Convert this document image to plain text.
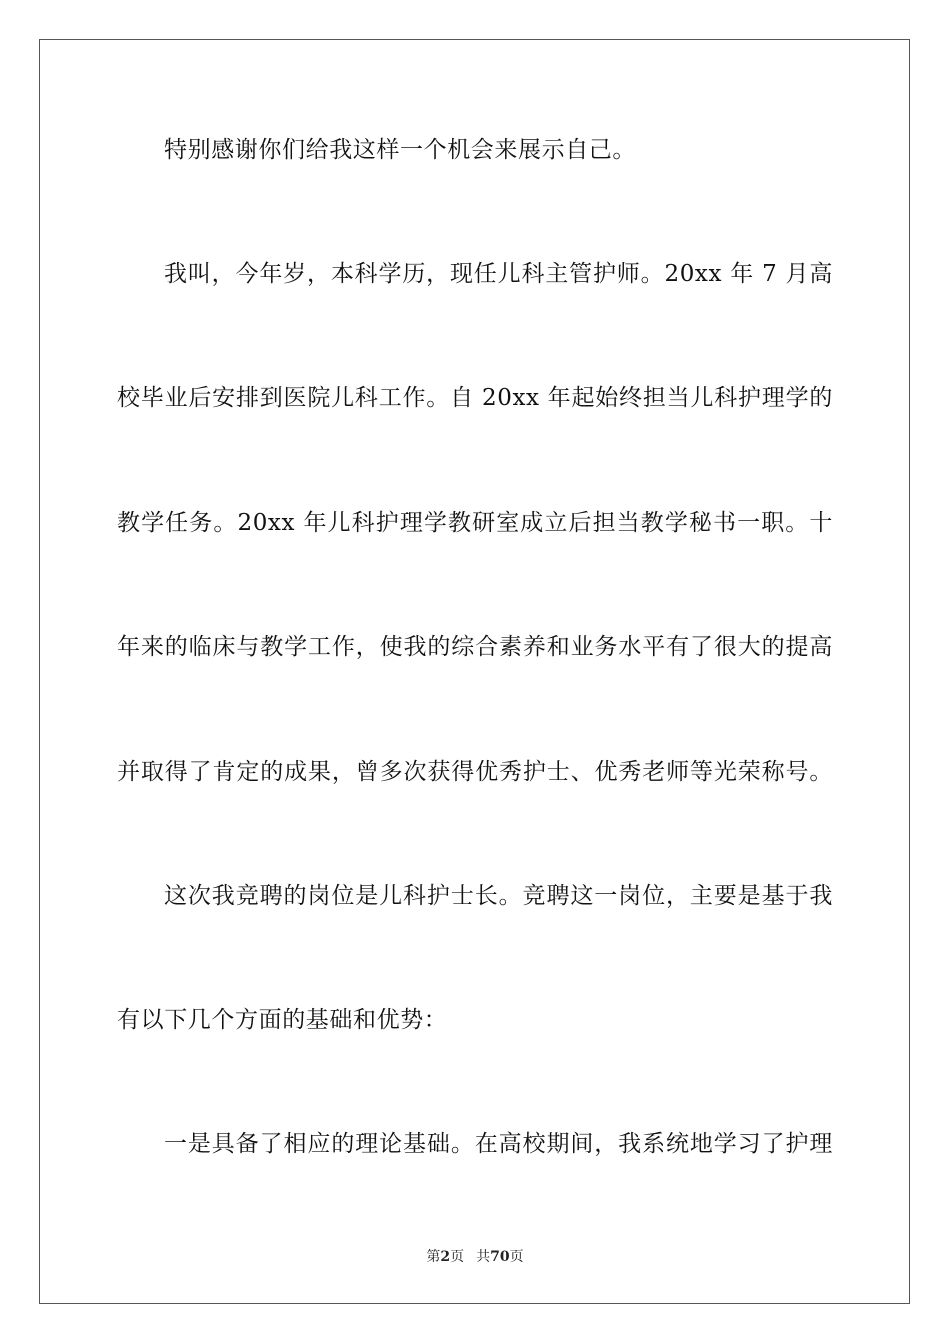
特别感谢你们给我这样一个机会来展示自己。
我叫，今年岁，本科学历，现任儿科主管护师。20xx 年 7 月高
校毕业后安排到医院儿科工作。自 20xx 年起始终担当儿科护理学的
教学任务。20xx 年儿科护理学教研室成立后担当教学秘书一职。十
年来的临床与教学工作，使我的综合素养和业务水平有了很大的提高
并取得了肯定的成果，曾多次获得优秀护士、优秀老师等光荣称号。
这次我竞聘的岗位是儿科护士长。竞聘这一岗位，主要是基于我
有以下几个方面的基础和优势：
一是具备了相应的理论基础。在高校期间，我系统地学习了护理
第2页 共70页
